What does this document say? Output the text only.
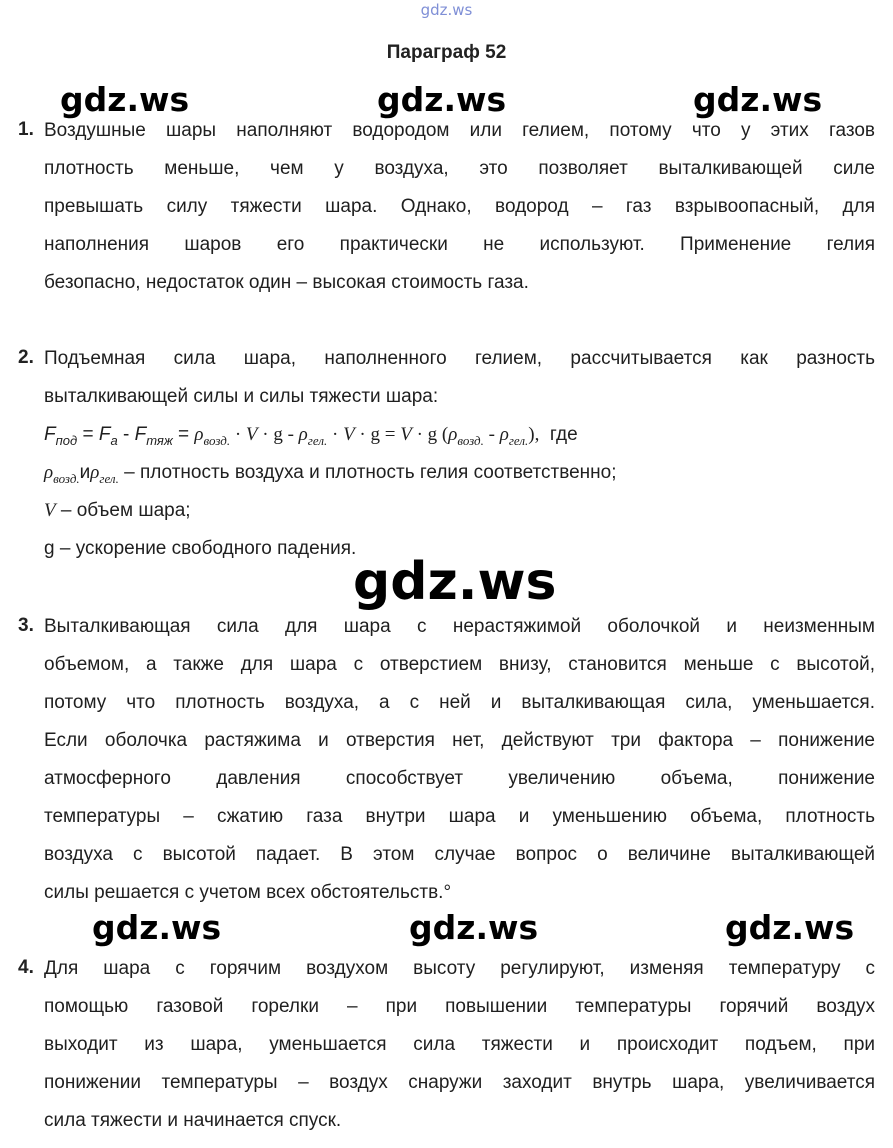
gdz.ws
Параграф 52
gdz.ws	gdz.ws	gdz.ws
gdz.ws
gdz.ws	gdz.ws	gdz.ws
1. Воздушные шары наполняют водородом или гелием, потому что у этих газов
плотность меньше, чем у воздуха, это позволяет выталкивающей силе
превышать силу тяжести шара. Однако, водород – газ взрывоопасный, для
наполнения шаров его практически не используют. Применение гелия
безопасно, недостаток один – высокая стоимость газа.
2. Подъемная сила шара, наполненного гелием, рассчитывается как разность
выталкивающей силы и силы тяжести шара:
$F_{под} = F_a - F_{тяж} = \rho_{возд.} \cdot V \cdot g - \rho_{гел.} \cdot V \cdot g = V \cdot g$ $(\rho_{возд.} - \rho_{гел.})$, где
$\rho_{возд.}и\rho_{гел.}$ – плотность воздуха и плотность гелия соответственно;
V – объем шара;
g – ускорение свободного падения.
3. Выталкивающая сила для шара с нерастяжимой оболочкой и неизменным
объемом, а также для шара с отверстием внизу, становится меньше с высотой,
потому что плотность воздуха, а с ней и выталкивающая сила, уменьшается.
Если оболочка растяжима и отверстия нет, действуют три фактора – понижение
атмосферного давления способствует увеличению объема, понижение
температуры – сжатию газа внутри шара и уменьшению объема, плотность
воздуха с высотой падает. В этом случае вопрос о величине выталкивающей
силы решается с учетом всех обстоятельств.°
4. Для шара с горячим воздухом высоту регулируют, изменяя температуру с
помощью газовой горелки – при повышении температуры горячий воздух
выходит из шара, уменьшается сила тяжести и происходит подъем, при
понижении температуры – воздух снаружи заходит внутрь шара, увеличивается
сила тяжести и начинается спуск.
